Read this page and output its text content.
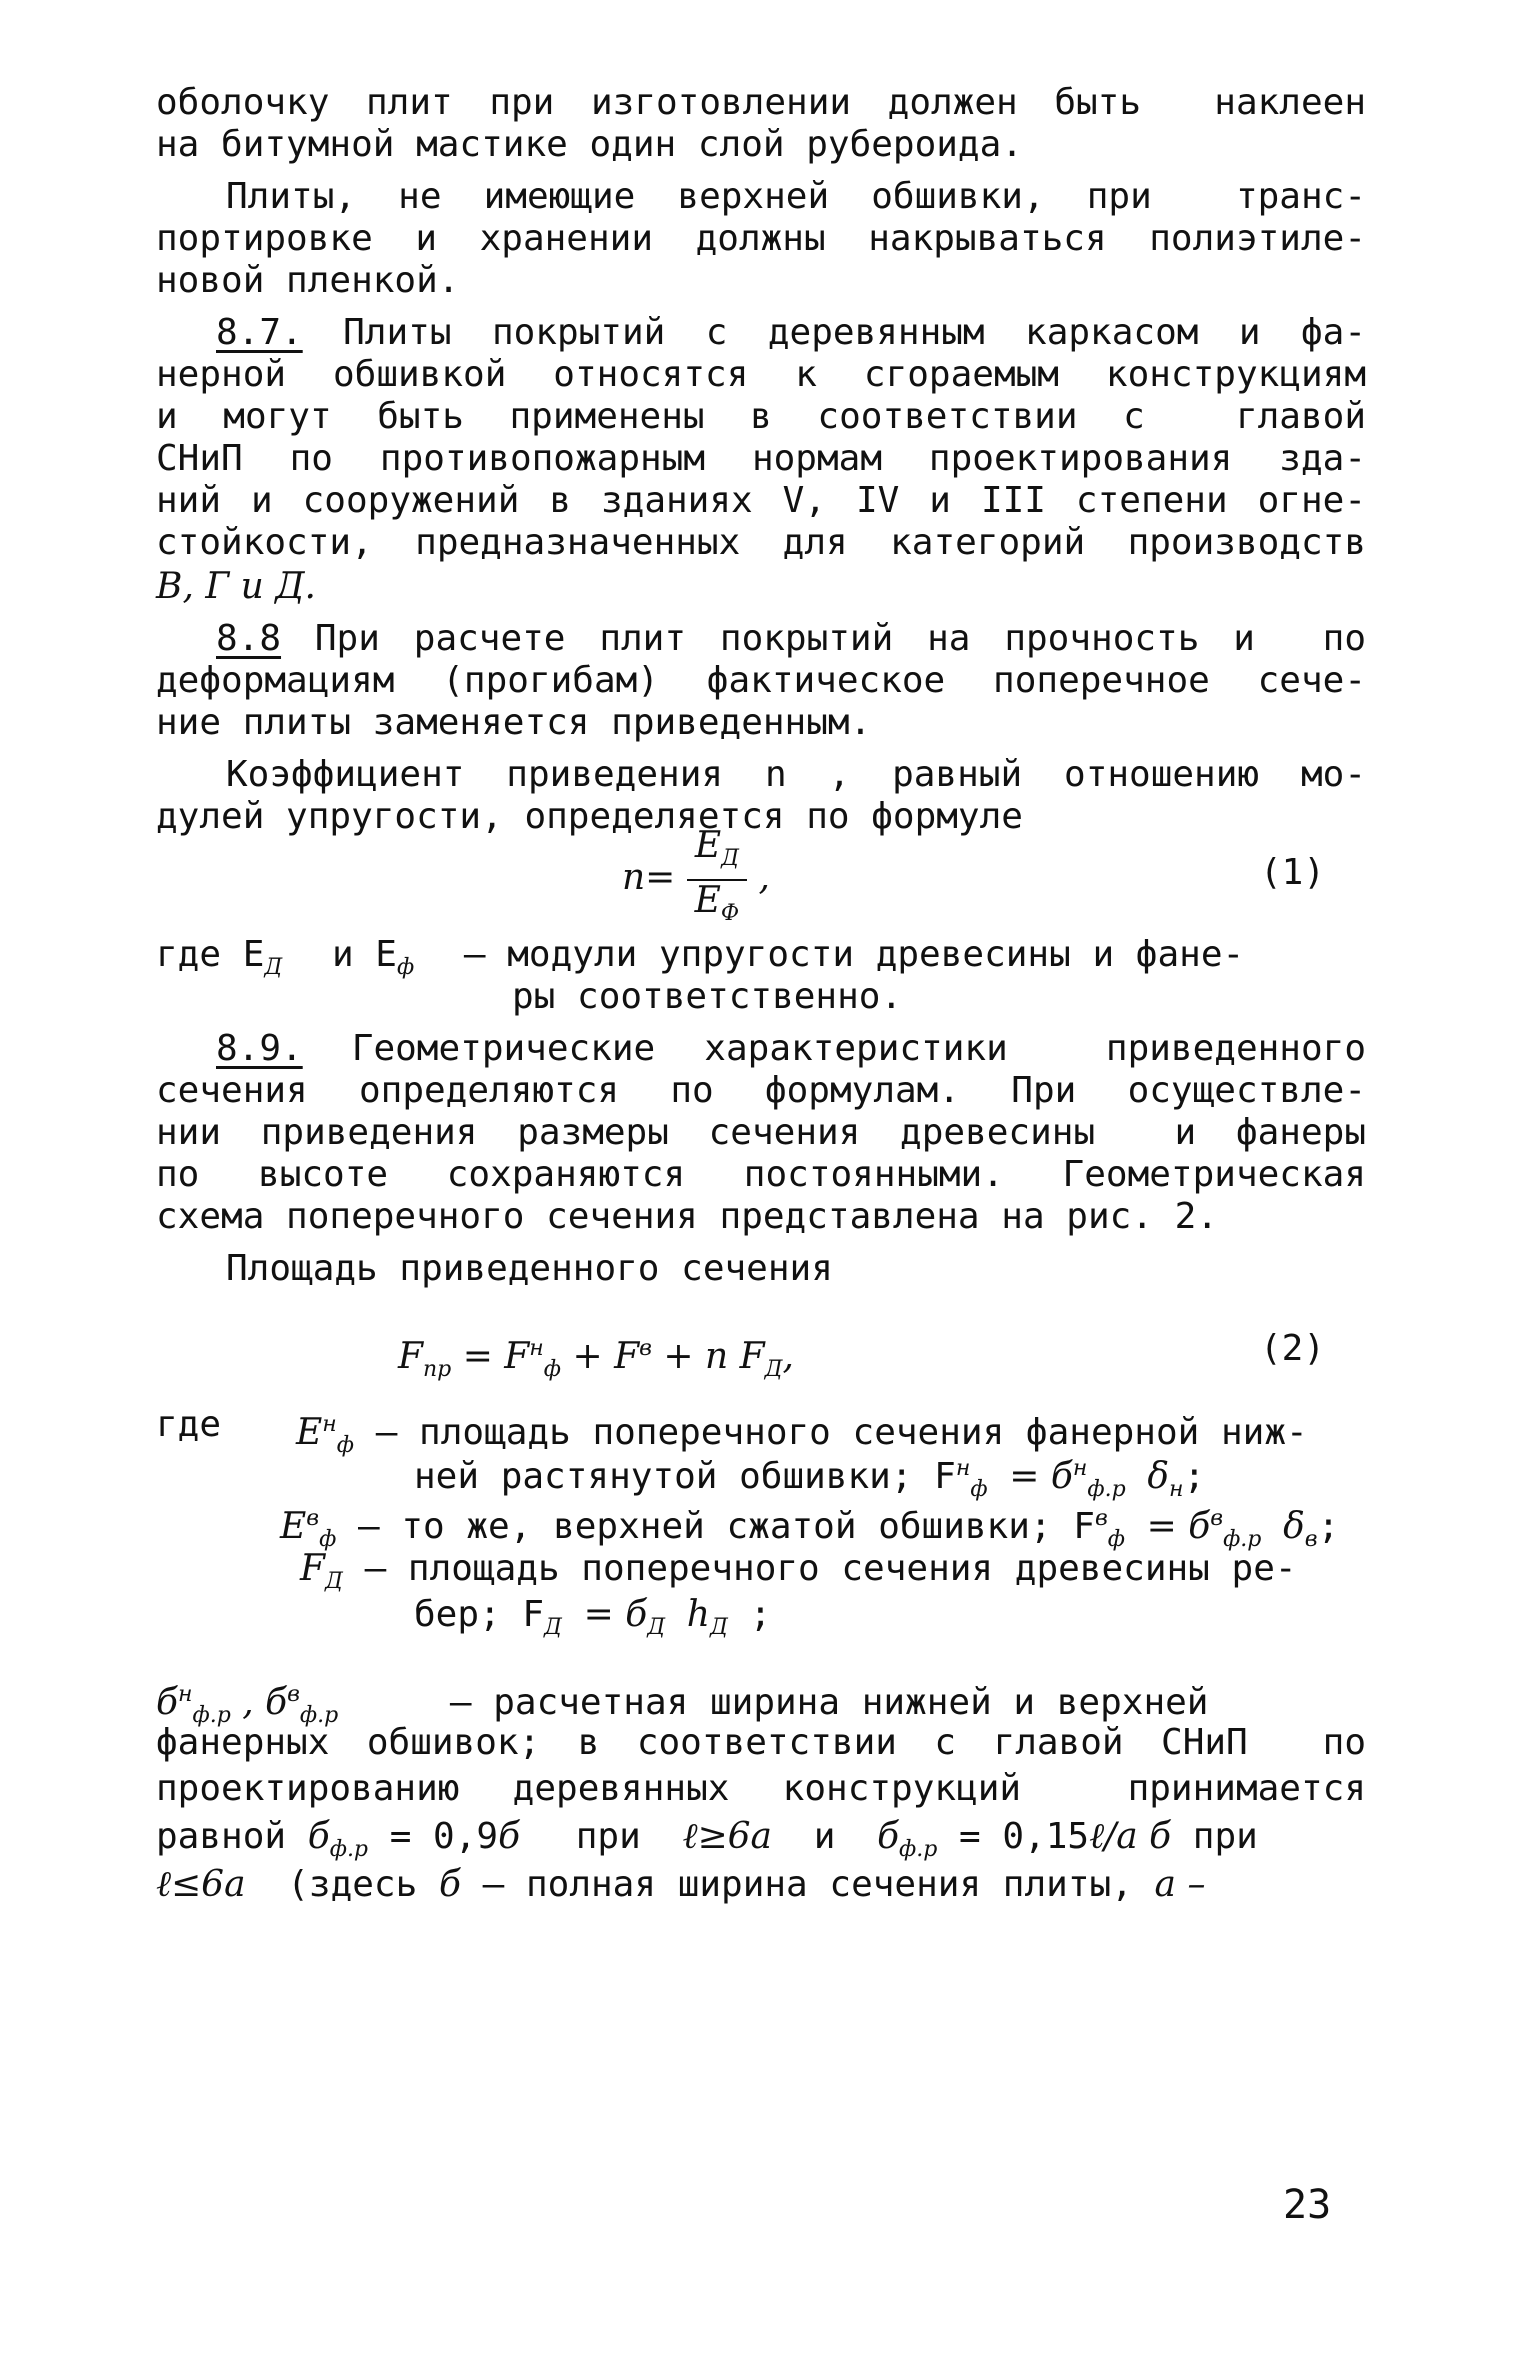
оболочку плит при изготовлении должен быть  наклеен
на битумной мастике один слой рубероида.
Плиты, не имеющие верхней обшивки, при  транс-
портировке и хранении должны накрываться полиэтиле-
новой пленкой.
8.7. Плиты покрытий с деревянным каркасом и фа-
нерной обшивкой относятся к сгораемым конструкциям
и могут быть применены в соответствии с  главой
СНиП по противопожарным нормам проектирования зда-
ний и сооружений в зданиях V, IV и III степени огне-
стойкости, предназначенных для категорий производств
В, Г и Д.
8.8 При расчете плит покрытий на прочность и  по
деформациям (прогибам) фактическое поперечное сече-
ние плиты заменяется приведенным.
Коэффициент приведения n , равный отношению мо-
дулей упругости, определяется по формуле
$n= \frac{E_Д}{E_Ф}$ ,	(1)
где $Е_Д$ и $Е_ф$ – модули упругости древесины и фане-
ры соответственно.
8.9. Геометрические характеристики  приведенного
сечения определяются по формулам. При осуществле-
нии приведения размеры сечения древесины  и фанеры
по высоте сохраняются постоянными. Геометрическая
схема поперечного сечения представлена на рис. 2.
Площадь приведенного сечения
$F_{пр} = F^н_ф + F^в + n$ $F_Д$,	(2)
где $E^н_ф$ – площадь поперечного сечения фанерной ниж-
ней растянутой обшивки; $F^н_ф = б^н_{ф.р}$ $\delta_н$;
$E^в_ф$ – то же, верхней сжатой обшивки; $F^в_ф = б^в_{ф.р}$ $\delta_в$;
$F_Д$ – площадь поперечного сечения древесины ре-
бер; $F_Д = б_Д$ $h_Д$ ;
$б^н_{ф.р}$ , $б^в_{ф.р}$	– расчетная ширина нижней и верхней
фанерных обшивок; в соответствии с главой СНиП  по
проектированию деревянных конструкций  принимается
равной $б_{ф.р} = 0,9б$ при ℓ≥6a и $б_{ф.р}$ = 0,15ℓ/a б при
ℓ≤6a (здесь б – полная ширина сечения плиты, a –
23
